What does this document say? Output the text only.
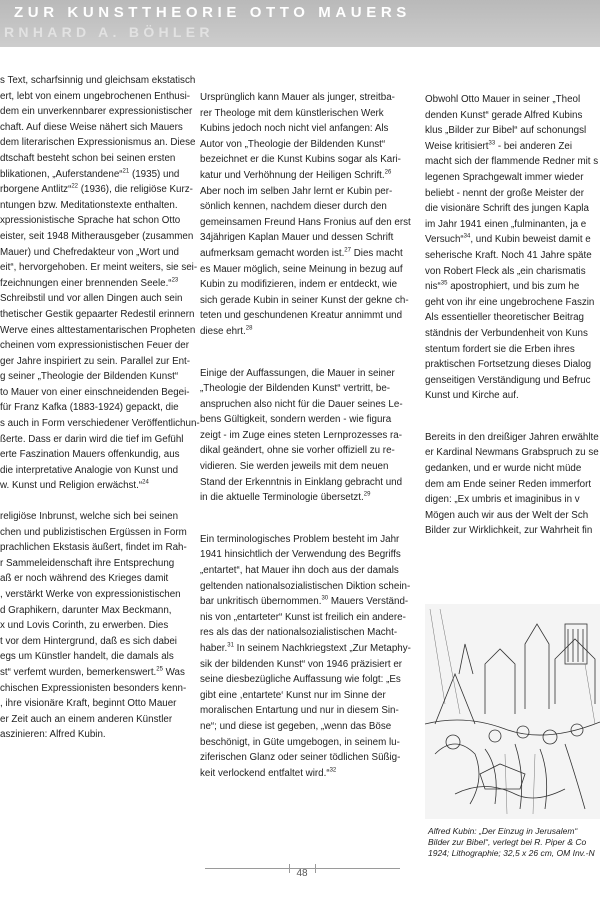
ZUR KUNSTTHEORIE OTTO MAUERS
RNHARD A. BÖHLER

s Text, scharfsinnig und gleichsam ekstatisch
ert, lebt von einem ungebrochenen Enthusi-
dem ein unverkennbarer expressionistischer
chaft. Auf diese Weise nähert sich Mauers
dem literarischen Expressionismus an. Diese
dtschaft besteht schon bei seinen ersten
blikationen, „Auferstandene“$^{21}$ (1935) und
rborgene Antlitz“$^{22}$ (1936), die religiöse Kurz-
ntungen bzw. Meditationstexte enthalten.
xpressionistische Sprache hat schon Otto
eister, seit 1948 Mitherausgeber (zusammen
Mauer) und Chefredakteur von „Wort und
eit“, hervorgehoben. Er meint weiters, sie sei-
fzeichnungen einer brennenden Seele.“$^{23}$
Schreibstil und vor allen Dingen auch sein
thetischer Gestik gepaarter Redestil erinnern
Werve eines alttestamentarischen Propheten
cheinen vom expressionistischen Feuer der
ger Jahre inspiriert zu sein. Parallel zur Ent-
g seiner „Theologie der Bildenden Kunst“
to Mauer von einer einschneidenden Begei-
für Franz Kafka (1883-1924) gepackt, die
s auch in Form verschiedener Veröffentlichun-
ßerte. Dass er darin wird die tief im Gefühl
erte Faszination Mauers offenkundig, aus
die interpretative Analogie von Kunst und
w. Kunst und Religion erwächst.“$^{24}$

religiöse Inbrunst, welche sich bei seinen
chen und publizistischen Ergüssen in Form
prachlichen Ekstasis äußert, findet im Rah-
r Sammeleidenschaft ihre Entsprechung
aß er noch während des Krieges damit
, verstärkt Werke von expressionistischen
d Graphikern, darunter Max Beckmann,
x und Lovis Corinth, zu erwerben. Dies
t vor dem Hintergrund, daß es sich dabei
egs um Künstler handelt, die damals als
st“ verfemt wurden, bemerkenswert.$^{25}$ Was
chischen Expressionisten besonders kenn-
, ihre visionäre Kraft, beginnt Otto Mauer
er Zeit auch an einem anderen Künstler
aszinieren: Alfred Kubin.

Ursprünglich kann Mauer als junger, streitba-
rer Theologe mit dem künstlerischen Werk
Kubins jedoch noch nicht viel anfangen: Als
Autor von „Theologie der Bildenden Kunst“
bezeichnet er die Kunst Kubins sogar als Kari-
katur und Verhöhnung der Heiligen Schrift.$^{26}$
Aber noch im selben Jahr lernt er Kubin per-
sönlich kennen, nachdem dieser durch den
gemeinsamen Freund Hans Fronius auf den erst
34jährigen Kaplan Mauer und dessen Schrift
aufmerksam gemacht worden ist.$^{27}$ Dies macht
es Mauer möglich, seine Meinung in bezug auf
Kubin zu modifizieren, indem er entdeckt, wie
sich gerade Kubin in seiner Kunst der gekne ch-
teten und geschundenen Kreatur annimmt und
diese ehrt.$^{28}$

Einige der Auffassungen, die Mauer in seiner
„Theologie der Bildenden Kunst“ vertritt, be-
anspruchen also nicht für die Dauer seines Le-
bens Gültigkeit, sondern werden - wie figura
zeigt - im Zuge eines steten Lernprozesses ra-
dikal geändert, ohne sie vorher offiziell zu re-
vidieren. Sie werden jeweils mit dem neuen
Stand der Erkenntnis in Einklang gebracht und
in die aktuelle Terminologie übersetzt.$^{29}$

Ein terminologisches Problem besteht im Jahr
1941 hinsichtlich der Verwendung des Begriffs
„entartet“, hat Mauer ihn doch aus der damals
geltenden nationalsozialistischen Diktion schein-
bar unkritisch übernommen.$^{30}$ Mauers Verständ-
nis von „entarteter“ Kunst ist freilich ein andere-
res als das der nationalsozialistischen Macht-
haber.$^{31}$ In seinem Nachkriegstext „Zur Metaphy-
sik der bildenden Kunst“ von 1946 präzisiert er
seine diesbezügliche Auffassung wie folgt: „Es
gibt eine ,entartete‘ Kunst nur im Sinne der
moralischen Entartung und nur in diesem Sin-
ne“; und diese ist gegeben, „wenn das Böse
beschönigt, in Güte umgebogen, in seinem lu-
ziferischen Glanz oder seiner tödlichen Süßig-
keit verlockend entfaltet wird.“$^{32}$

Obwohl Otto Mauer in seiner „Theol
denden Kunst“ gerade Alfred Kubins
klus „Bilder zur Bibel“ auf schonungsl
Weise kritisiert$^{33}$ - bei anderen Zei
macht sich der flammende Redner mit s
legenen Sprachgewalt immer wieder
beliebt - nennt der große Meister der
die visionäre Schrift des jungen Kapla
im Jahr 1941 einen „fulminanten, ja e
Versuch“$^{34}$, und Kubin beweist damit e
seherische Kraft. Noch 41 Jahre späte
von Robert Fleck als „ein charismatis
nis“$^{35}$ apostrophiert, und bis zum he
geht von ihr eine ungebrochene Faszin
Als essentieller theoretischer Beitrag
ständnis der Verbundenheit von Kuns
stentum fordert sie die Erben ihres
praktischen Fortsetzung dieses Dialog
genseitigen Verständigung und Befruc
Kunst und Kirche auf.

Bereits in den dreißiger Jahren erwählte
er Kardinal Newmans Grabspruch zu se
gedanken, und er wurde nicht müde
dem am Ende seiner Reden immerfort
digen: „Ex umbris et imaginibus in v
Mögen auch wir aus der Welt der Sch
Bilder zur Wirklichkeit, zur Wahrheit fin

Alfred Kubin: „Der Einzug in Jerusalem“
Bilder zur Bibel“, verlegt bei R. Piper & Co
1924; Lithographie; 32,5 x 26 cm, OM Inv.-N
48
